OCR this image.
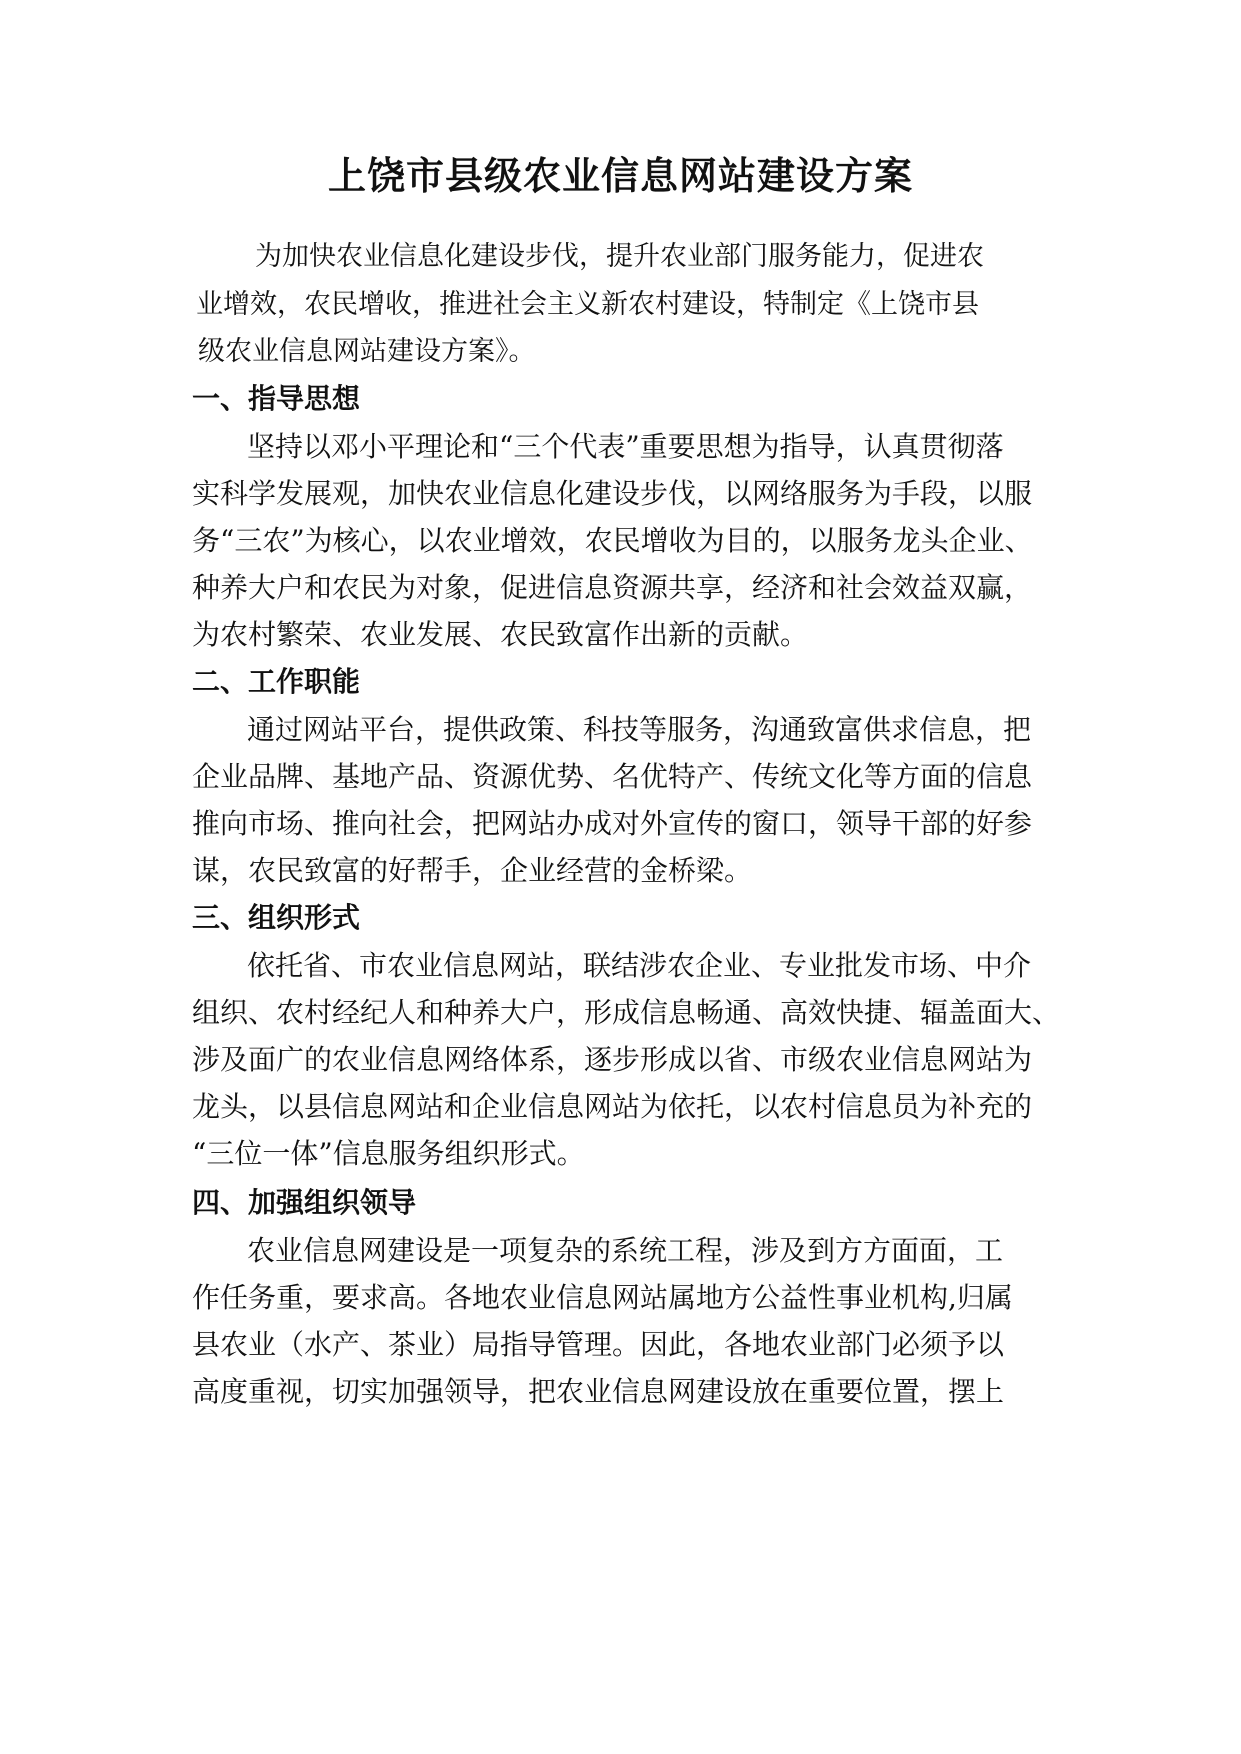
上饶市县级农业信息网站建设方案

为加快农业信息化建设步伐，提升农业部门服务能力，促进农

业增效，农民增收，推进社会主义新农村建设，特制定《上饶市县

级农业信息网站建设方案》。

一、指导思想

坚持以邓小平理论和“三个代表”重要思想为指导，认真贯彻落

实科学发展观，加快农业信息化建设步伐，以网络服务为手段，以服

务“三农”为核心，以农业增效，农民增收为目的，以服务龙头企业、

种养大户和农民为对象，促进信息资源共享，经济和社会效益双赢，

为农村繁荣、农业发展、农民致富作出新的贡献。

二、工作职能

通过网站平台，提供政策、科技等服务，沟通致富供求信息，把

企业品牌、基地产品、资源优势、名优特产、传统文化等方面的信息

推向市场、推向社会，把网站办成对外宣传的窗口，领导干部的好参

谋，农民致富的好帮手，企业经营的金桥梁。

三、组织形式

依托省、市农业信息网站，联结涉农企业、专业批发市场、中介

组织、农村经纪人和种养大户，形成信息畅通、高效快捷、辐盖面大、

涉及面广的农业信息网络体系，逐步形成以省、市级农业信息网站为

龙头，以县信息网站和企业信息网站为依托，以农村信息员为补充的

“三位一体”信息服务组织形式。

四、加强组织领导

农业信息网建设是一项复杂的系统工程，涉及到方方面面，工

作任务重，要求高。各地农业信息网站属地方公益性事业机构,归属

县农业（水产、茶业）局指导管理。因此，各地农业部门必须予以

高度重视，切实加强领导，把农业信息网建设放在重要位置，摆上
